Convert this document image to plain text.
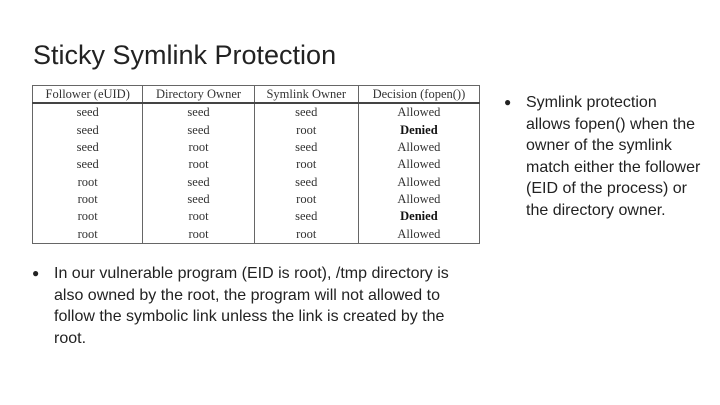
Sticky Symlink Protection
Follower (eUID)	Directory Owner	Symlink Owner	Decision (fopen())
seed	seed	seed	Allowed
seed	seed	root	Denied
seed	root	seed	Allowed
seed	root	root	Allowed
root	seed	seed	Allowed
root	seed	root	Allowed
root	root	seed	Denied
root	root	root	Allowed
● Symlink protection allows fopen() when the owner of the symlink match either the follower (EID of the process) or the directory owner.
● In our vulnerable program (EID is root), /tmp directory is also owned by the root, the program will not allowed to follow the symbolic link unless the link is created by the root.
